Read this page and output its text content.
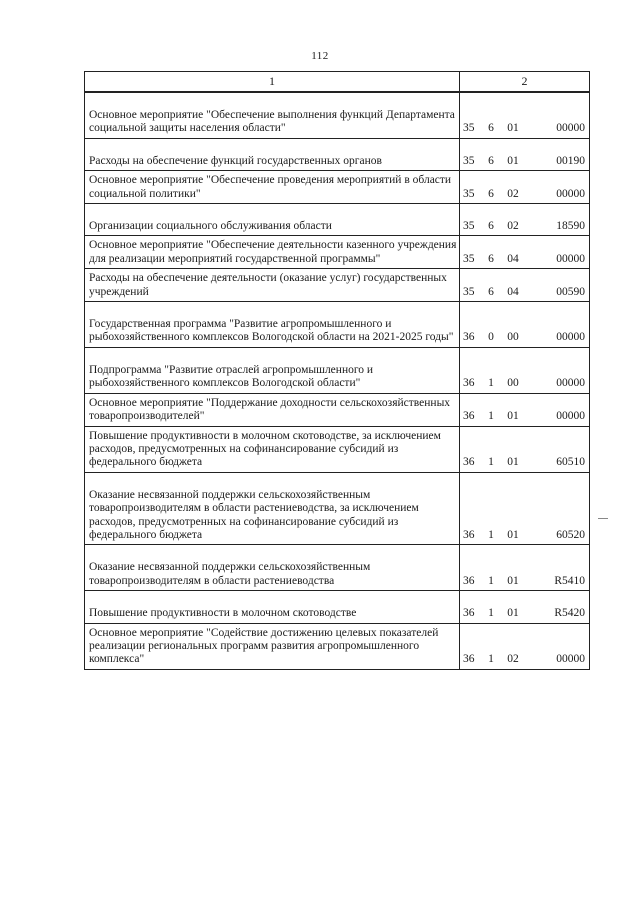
112
1	2

Основное мероприятие "Обеспечение выполнения функций Департамента социальной защиты населения области"	35 6 01 00000

Расходы на обеспечение функций государственных органов	35 6 01 00190

Основное мероприятие "Обеспечение проведения мероприятий в области социальной политики"	35 6 02 00000

Организации социального обслуживания области	35 6 02 18590

Основное мероприятие "Обеспечение деятельности казенного учреждения для реализации мероприятий государственной программы"	35 6 04 00000

Расходы на обеспечение деятельности (оказание услуг) государственных учреждений	35 6 04 00590

Государственная программа "Развитие агропромышленного и рыбохозяйственного комплексов Вологодской области на 2021-2025 годы"	36 0 00 00000

Подпрограмма "Развитие отраслей агропромышленного и рыбохозяйственного комплексов Вологодской области"	36 1 00 00000

Основное мероприятие "Поддержание доходности сельскохозяйственных товаропроизводителей"	36 1 01 00000

Повышение продуктивности в молочном скотоводстве, за исключением расходов, предусмотренных на софинансирование субсидий из федерального бюджета	36 1 01 60510

Оказание несвязанной поддержки сельскохозяйственным товаропроизводителям в области растениеводства, за исключением расходов, предусмотренных на софинансирование субсидий из федерального бюджета	36 1 01 60520

Оказание несвязанной поддержки сельскохозяйственным товаропроизводителям в области растениеводства	36 1 01 R5410

Повышение продуктивности в молочном скотоводстве	36 1 01 R5420

Основное мероприятие "Содействие достижению целевых показателей реализации региональных программ развития агропромышленного комплекса"	36 1 02 00000
